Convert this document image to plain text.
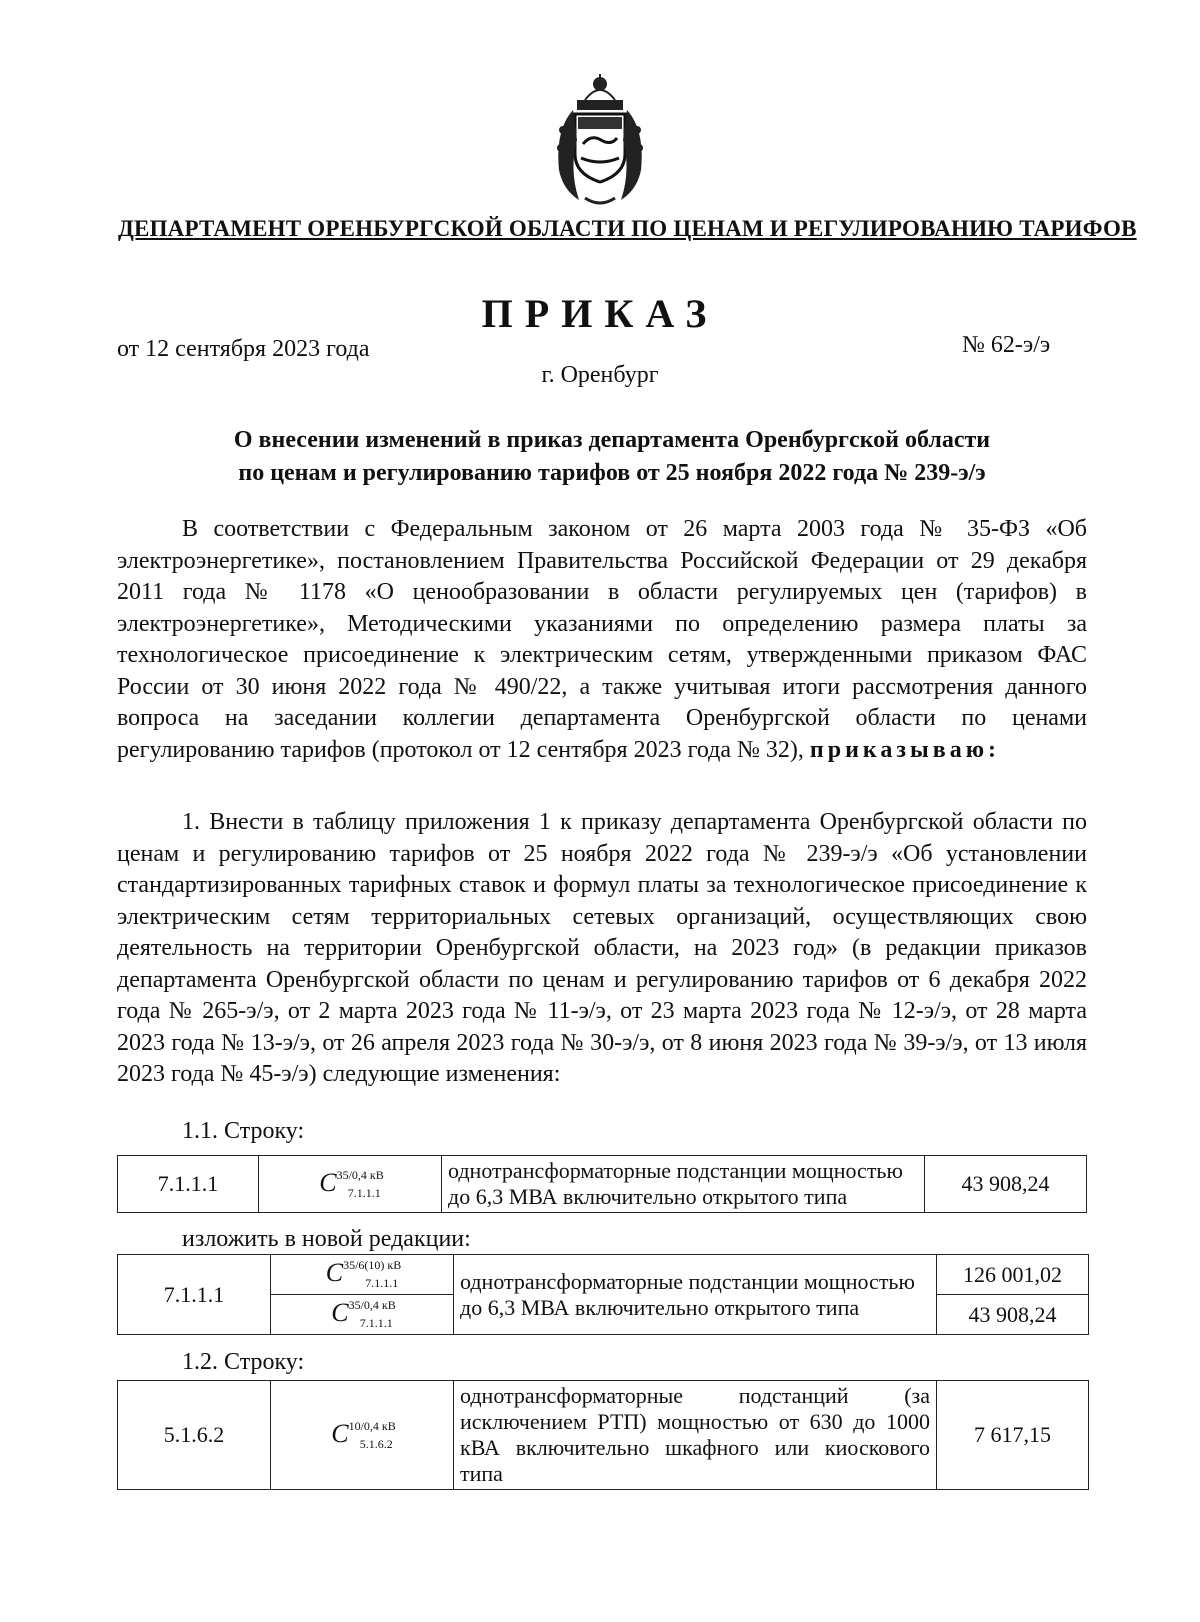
ДЕПАРТАМЕНТ ОРЕНБУРГСКОЙ ОБЛАСТИ ПО ЦЕНАМ И РЕГУЛИРОВАНИЮ ТАРИФОВ
ПРИКАЗ
от 12 сентября 2023 года	№ 62-э/э
г. Оренбург
О внесении изменений в приказ департамента Оренбургской области
по ценам и регулированию тарифов от 25 ноября 2022 года № 239-э/э

В соответствии с Федеральным законом от 26 марта 2003 года № 35-ФЗ «Об электроэнергетике», постановлением Правительства Российской Федерации от 29 декабря 2011 года № 1178 «О ценообразовании в области регулируемых цен (тарифов) в электроэнергетике», Методическими указаниями по определению размера платы за технологическое присоединение к электрическим сетям, утвержденными приказом ФАС России от 30 июня 2022 года № 490/22, а также учитывая итоги рассмотрения данного вопроса на заседании коллегии департамента Оренбургской области по ценами регулированию тарифов (протокол от 12 сентября 2023 года № 32), приказываю:

1. Внести в таблицу приложения 1 к приказу департамента Оренбургской области по ценам и регулированию тарифов от 25 ноября 2022 года № 239-э/э «Об установлении стандартизированных тарифных ставок и формул платы за технологическое присоединение к электрическим сетям территориальных сетевых организаций, осуществляющих свою деятельность на территории Оренбургской области, на 2023 год» (в редакции приказов департамента Оренбургской области по ценам и регулированию тарифов от 6 декабря 2022 года № 265-э/э, от 2 марта 2023 года № 11-э/э, от 23 марта 2023 года № 12-э/э, от 28 марта 2023 года № 13-э/э, от 26 апреля 2023 года № 30-э/э, от 8 июня 2023 года № 39-э/э, от 13 июля 2023 года № 45-э/э) следующие изменения:

1.1. Строку:
7.1.1.1	$C^{35/0,4 кВ}_{7.1.1.1}$	однотрансформаторные подстанции мощностью до 6,3 МВА включительно открытого типа	43 908,24
изложить в новой редакции:
7.1.1.1	$C^{35/6(10) кВ}_{7.1.1.1}$	однотрансформаторные подстанции мощностью до 6,3 МВА включительно открытого типа	126 001,02
	$C^{35/0,4 кВ}_{7.1.1.1}$		43 908,24
1.2. Строку:
5.1.6.2	$C^{10/0,4 кВ}_{5.1.6.2}$	однотрансформаторные подстанций (за исключением РТП) мощностью от 630 до 1000 кВА включительно шкафного или киоскового типа	7 617,15
